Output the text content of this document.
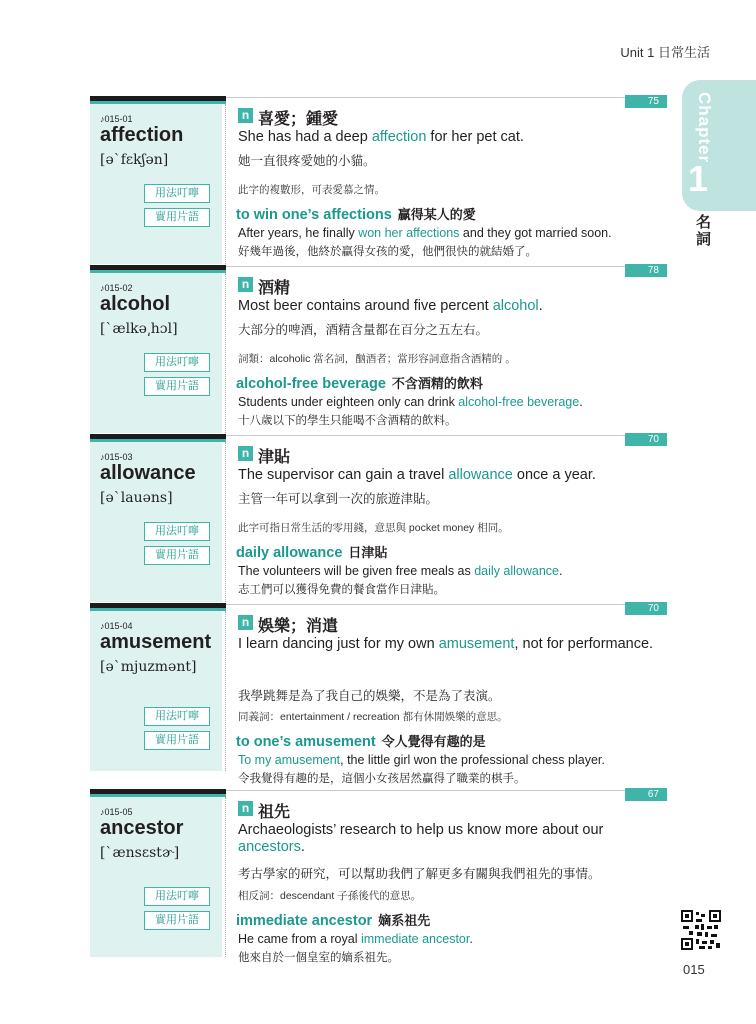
Unit 1 日常生活
Chapter
1
名詞
75
♪015-01
affection
[əˋfɛkʃən]
用法叮嚀
實用片語
n 喜愛；鍾愛
She has had a deep affection for her pet cat.
她一直很疼愛她的小貓。
此字的複數形，可表愛慕之情。
to win one’s affections 贏得某人的愛
After years, he finally won her affections and they got married soon.
好幾年過後，他終於贏得女孩的愛，他們很快的就結婚了。
78
♪015-02
alcohol
[ˋælkə͵hɔl]
用法叮嚀
實用片語
n 酒精
Most beer contains around five percent alcohol.
大部分的啤酒，酒精含量都在百分之五左右。
詞類：alcoholic 當名詞，酗酒者；當形容詞意指含酒精的 。
alcohol-free beverage 不含酒精的飲料
Students under eighteen only can drink alcohol-free beverage.
十八歲以下的學生只能喝不含酒精的飲料。
70
♪015-03
allowance
[əˋlauəns]
用法叮嚀
實用片語
n 津貼
The supervisor can gain a travel allowance once a year.
主管一年可以拿到一次的旅遊津貼。
此字可指日常生活的零用錢，意思與 pocket money 相同。
daily allowance 日津貼
The volunteers will be given free meals as daily allowance.
志工們可以獲得免費的餐食當作日津貼。
70
♪015-04
amusement
[əˋmjuzmənt]
用法叮嚀
實用片語
n 娛樂；消遣
I learn dancing just for my own amusement, not for performance.
我學跳舞是為了我自己的娛樂，不是為了表演。
同義詞：entertainment / recreation 都有休閒娛樂的意思。
to one’s amusement 令人覺得有趣的是
To my amusement, the little girl won the professional chess player.
令我覺得有趣的是，這個小女孩居然贏得了職業的棋手。
67
♪015-05
ancestor
[ˋænsɛstɚ]
用法叮嚀
實用片語
n 祖先
Archaeologists’ research to help us know more about our ancestors.
考古學家的研究，可以幫助我們了解更多有關與我們祖先的事情。
相反詞：descendant 子孫後代的意思。
immediate ancestor 嫡系祖先
He came from a royal immediate ancestor.
他來自於一個皇室的嫡系祖先。
015
